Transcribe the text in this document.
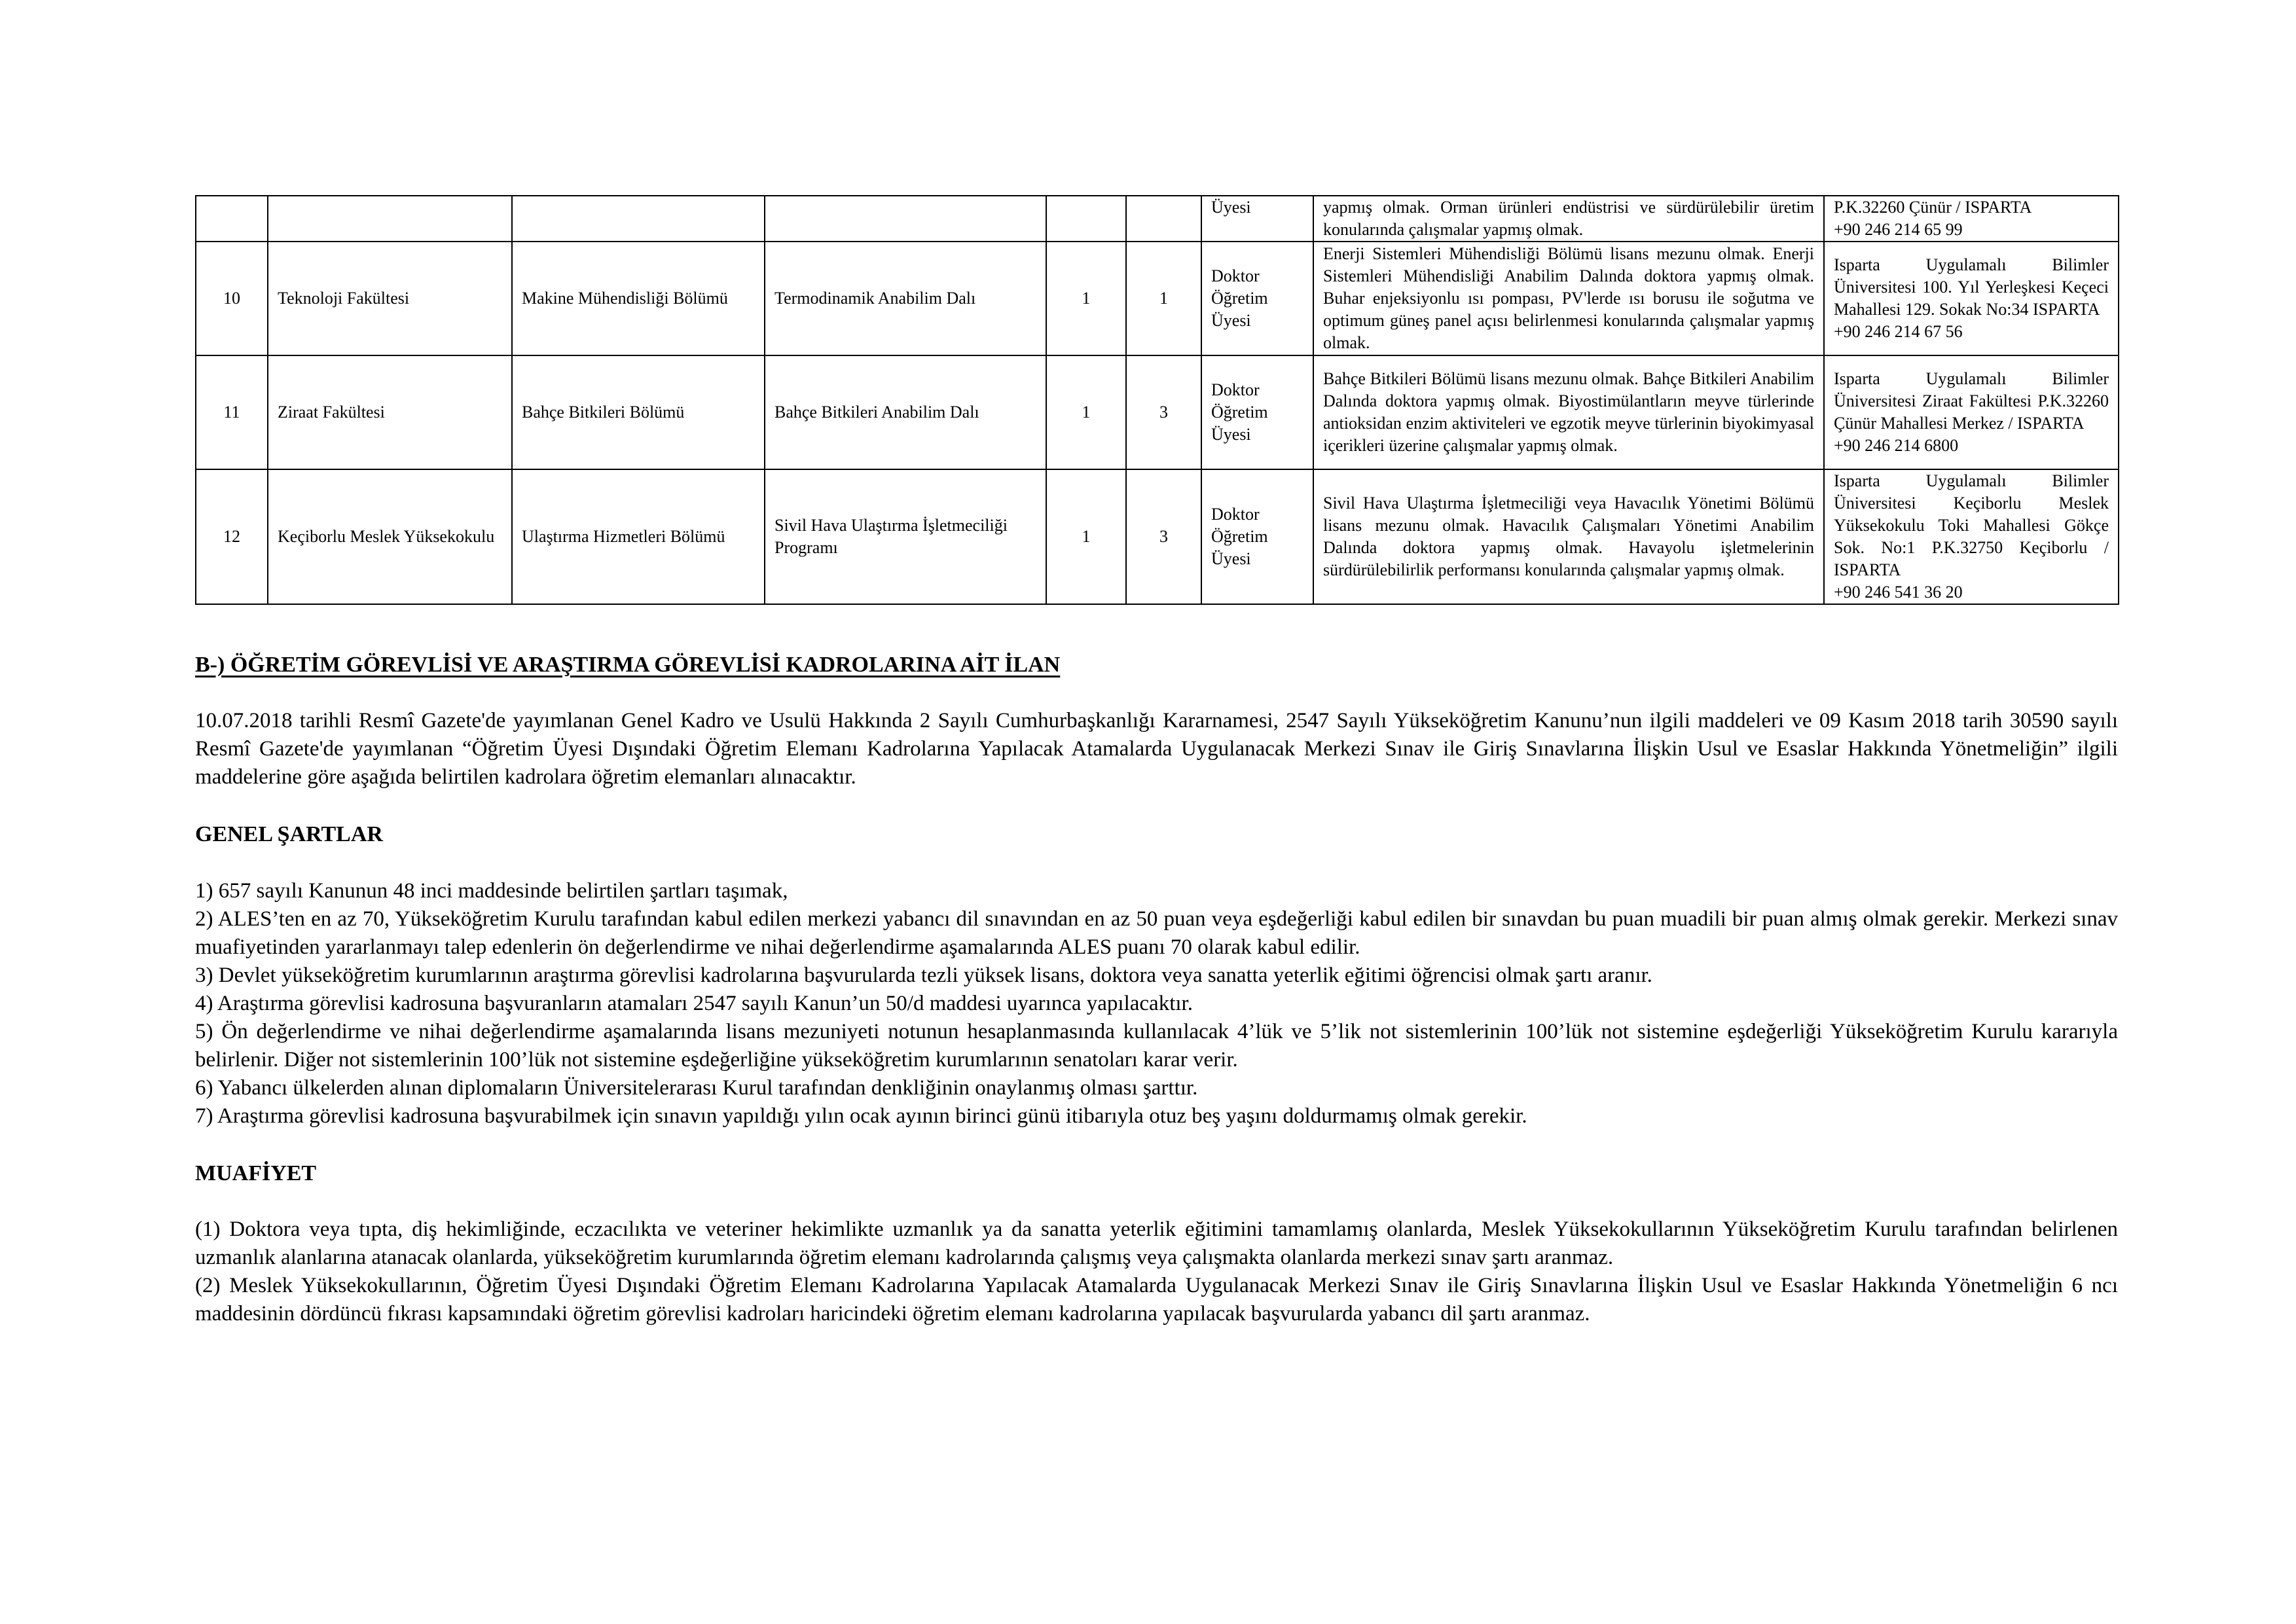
						Üyesi	yapmış olmak. Orman ürünleri endüstrisi ve sürdürülebilir üretim konularında çalışmalar yapmış olmak.	P.K.32260 Çünür / ISPARTA
+90 246 214 65 99

10	Teknoloji Fakültesi	Makine Mühendisliği Bölümü	Termodinamik Anabilim Dalı	1	1	Doktor Öğretim Üyesi	Enerji Sistemleri Mühendisliği Bölümü lisans mezunu olmak. Enerji Sistemleri Mühendisliği Anabilim Dalında doktora yapmış olmak. Buhar enjeksiyonlu ısı pompası, PV'lerde ısı borusu ile soğutma ve optimum güneş panel açısı belirlenmesi konularında çalışmalar yapmış olmak.	Isparta Uygulamalı Bilimler Üniversitesi 100. Yıl Yerleşkesi Keçeci Mahallesi 129. Sokak No:34 ISPARTA
+90 246 214 67 56

11	Ziraat Fakültesi	Bahçe Bitkileri Bölümü	Bahçe Bitkileri Anabilim Dalı	1	3	Doktor Öğretim Üyesi	Bahçe Bitkileri Bölümü lisans mezunu olmak. Bahçe Bitkileri Anabilim Dalında doktora yapmış olmak. Biyostimülantların meyve türlerinde antioksidan enzim aktiviteleri ve egzotik meyve türlerinin biyokimyasal içerikleri üzerine çalışmalar yapmış olmak.	Isparta Uygulamalı Bilimler Üniversitesi Ziraat Fakültesi P.K.32260 Çünür Mahallesi Merkez / ISPARTA
+90 246 214 6800

12	Keçiborlu Meslek Yüksekokulu	Ulaştırma Hizmetleri Bölümü	Sivil Hava Ulaştırma İşletmeciliği Programı	1	3	Doktor Öğretim Üyesi	Sivil Hava Ulaştırma İşletmeciliği veya Havacılık Yönetimi Bölümü lisans mezunu olmak. Havacılık Çalışmaları Yönetimi Anabilim Dalında doktora yapmış olmak. Havayolu işletmelerinin sürdürülebilirlik performansı konularında çalışmalar yapmış olmak.	Isparta Uygulamalı Bilimler Üniversitesi Keçiborlu Meslek Yüksekokulu Toki Mahallesi Gökçe Sok. No:1 P.K.32750 Keçiborlu / ISPARTA
+90 246 541 36 20
B-) ÖĞRETİM GÖREVLİSİ VE ARAŞTIRMA GÖREVLİSİ KADROLARINA AİT İLAN
10.07.2018 tarihli Resmî Gazete'de yayımlanan Genel Kadro ve Usulü Hakkında 2 Sayılı Cumhurbaşkanlığı Kararnamesi, 2547 Sayılı Yükseköğretim Kanunu’nun ilgili maddeleri ve 09 Kasım 2018 tarih 30590 sayılı Resmî Gazete'de yayımlanan “Öğretim Üyesi Dışındaki Öğretim Elemanı Kadrolarına Yapılacak Atamalarda Uygulanacak Merkezi Sınav ile Giriş Sınavlarına İlişkin Usul ve Esaslar Hakkında Yönetmeliğin” ilgili maddelerine göre aşağıda belirtilen kadrolara öğretim elemanları alınacaktır.
GENEL ŞARTLAR

1) 657 sayılı Kanunun 48 inci maddesinde belirtilen şartları taşımak,

2) ALES’ten en az 70, Yükseköğretim Kurulu tarafından kabul edilen merkezi yabancı dil sınavından en az 50 puan veya eşdeğerliği kabul edilen bir sınavdan bu puan muadili bir puan almış olmak gerekir. Merkezi sınav muafiyetinden yararlanmayı talep edenlerin ön değerlendirme ve nihai değerlendirme aşamalarında ALES puanı 70 olarak kabul edilir.

3) Devlet yükseköğretim kurumlarının araştırma görevlisi kadrolarına başvurularda tezli yüksek lisans, doktora veya sanatta yeterlik eğitimi öğrencisi olmak şartı aranır.

4) Araştırma görevlisi kadrosuna başvuranların atamaları 2547 sayılı Kanun’un 50/d maddesi uyarınca yapılacaktır.

5) Ön değerlendirme ve nihai değerlendirme aşamalarında lisans mezuniyeti notunun hesaplanmasında kullanılacak 4’lük ve 5’lik not sistemlerinin 100’lük not sistemine eşdeğerliği Yükseköğretim Kurulu kararıyla belirlenir. Diğer not sistemlerinin 100’lük not sistemine eşdeğerliğine yükseköğretim kurumlarının senatoları karar verir.

6) Yabancı ülkelerden alınan diplomaların Üniversitelerarası Kurul tarafından denkliğinin onaylanmış olması şarttır.

7) Araştırma görevlisi kadrosuna başvurabilmek için sınavın yapıldığı yılın ocak ayının birinci günü itibarıyla otuz beş yaşını doldurmamış olmak gerekir.

MUAFİYET

(1) Doktora veya tıpta, diş hekimliğinde, eczacılıkta ve veteriner hekimlikte uzmanlık ya da sanatta yeterlik eğitimini tamamlamış olanlarda, Meslek Yüksekokullarının Yükseköğretim Kurulu tarafından belirlenen uzmanlık alanlarına atanacak olanlarda, yükseköğretim kurumlarında öğretim elemanı kadrolarında çalışmış veya çalışmakta olanlarda merkezi sınav şartı aranmaz.

(2) Meslek Yüksekokullarının, Öğretim Üyesi Dışındaki Öğretim Elemanı Kadrolarına Yapılacak Atamalarda Uygulanacak Merkezi Sınav ile Giriş Sınavlarına İlişkin Usul ve Esaslar Hakkında Yönetmeliğin 6 ncı maddesinin dördüncü fıkrası kapsamındaki öğretim görevlisi kadroları haricindeki öğretim elemanı kadrolarına yapılacak başvurularda yabancı dil şartı aranmaz.
